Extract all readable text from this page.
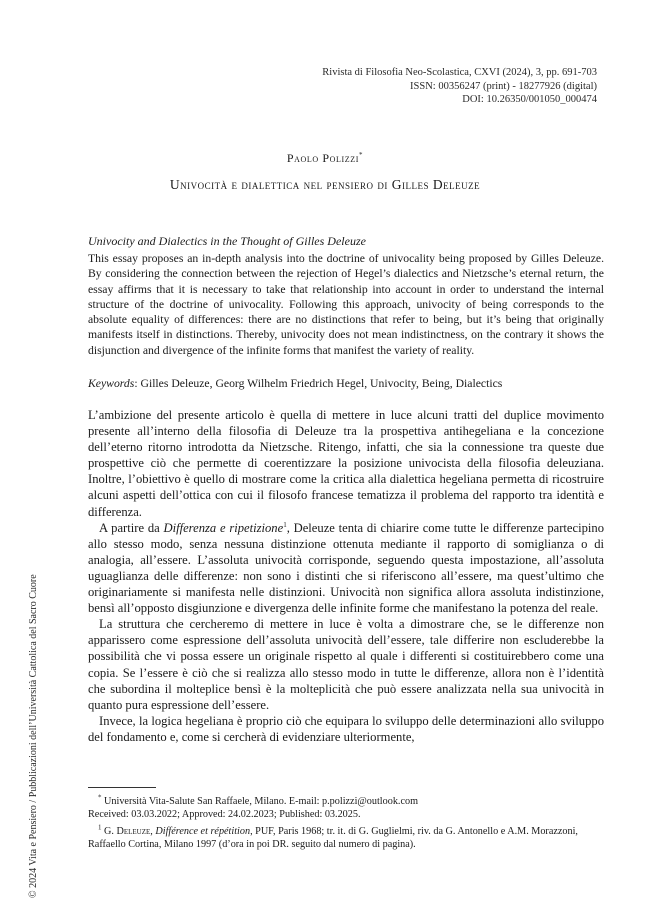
Rivista di Filosofia Neo-Scolastica, CXVI (2024), 3, pp. 691-703
ISSN: 00356247 (print) - 18277926 (digital)
DOI: 10.26350/001050_000474
Paolo Polizzi*
Univocità e dialettica nel pensiero di Gilles Deleuze
Univocity and Dialectics in the Thought of Gilles Deleuze

This essay proposes an in-depth analysis into the doctrine of univocality being proposed by Gilles Deleuze. By considering the connection between the rejection of Hegel’s dialectics and Nietzsche’s eternal return, the essay affirms that it is necessary to take that relationship into account in order to understand the internal structure of the doctrine of univocality. Following this approach, univocity of being corresponds to the absolute equality of differences: there are no distinctions that refer to being, but it’s being that originally manifests itself in distinctions. Thereby, univocity does not mean indistinctness, on the contrary it shows the disjunction and divergence of the infinite forms that manifest the variety of reality.

Keywords: Gilles Deleuze, Georg Wilhelm Friedrich Hegel, Univocity, Being, Dialectics

L’ambizione del presente articolo è quella di mettere in luce alcuni tratti del duplice movimento presente all’interno della filosofia di Deleuze tra la prospettiva antihegeliana e la concezione dell’eterno ritorno introdotta da Nietzsche. Ritengo, infatti, che sia la connessione tra queste due prospettive ciò che permette di coerentizzare la posizione univocista della filosofia deleuziana. Inoltre, l’obiettivo è quello di mostrare come la critica alla dialettica hegeliana permetta di ricostruire alcuni aspetti dell’ottica con cui il filosofo francese tematizza il problema del rapporto tra identità e differenza.

A partire da Differenza e ripetizione$^1$, Deleuze tenta di chiarire come tutte le differenze partecipino allo stesso modo, senza nessuna distinzione ottenuta mediante il rapporto di somiglianza o di analogia, all’essere. L’assoluta univocità corrisponde, seguendo questa impostazione, all’assoluta uguaglianza delle differenze: non sono i distinti che si riferiscono all’essere, ma quest’ultimo che originariamente si manifesta nelle distinzioni. Univocità non significa allora assoluta indistinzione, bensì all’opposto disgiunzione e divergenza delle infinite forme che manifestano la potenza del reale.

La struttura che cercheremo di mettere in luce è volta a dimostrare che, se le differenze non apparissero come espressione dell’assoluta univocità dell’essere, tale differire non escluderebbe la possibilità che vi possa essere un originale rispetto al quale i differenti si costituirebbero come una copia. Se l’essere è ciò che si realizza allo stesso modo in tutte le differenze, allora non è l’identità che subordina il molteplice bensì è la molteplicità che può essere analizzata nella sua univocità in quanto pura espressione dell’essere.

Invece, la logica hegeliana è proprio ciò che equipara lo sviluppo delle determinazioni allo sviluppo del fondamento e, come si cercherà di evidenziare ulteriormente,

* Università Vita-Salute San Raffaele, Milano. E-mail: p.polizzi@outlook.com
Received: 03.03.2022; Approved: 24.02.2023; Published: 03.2025.

$^1$ G. Deleuze, Différence et répétition, PUF, Paris 1968; tr. it. di G. Guglielmi, riv. da G. Antonello e A.M. Morazzoni, Raffaello Cortina, Milano 1997 (d’ora in poi DR. seguito dal numero di pagina).

© 2024 Vita e Pensiero / Pubblicazioni dell’Università Cattolica del Sacro Cuore
